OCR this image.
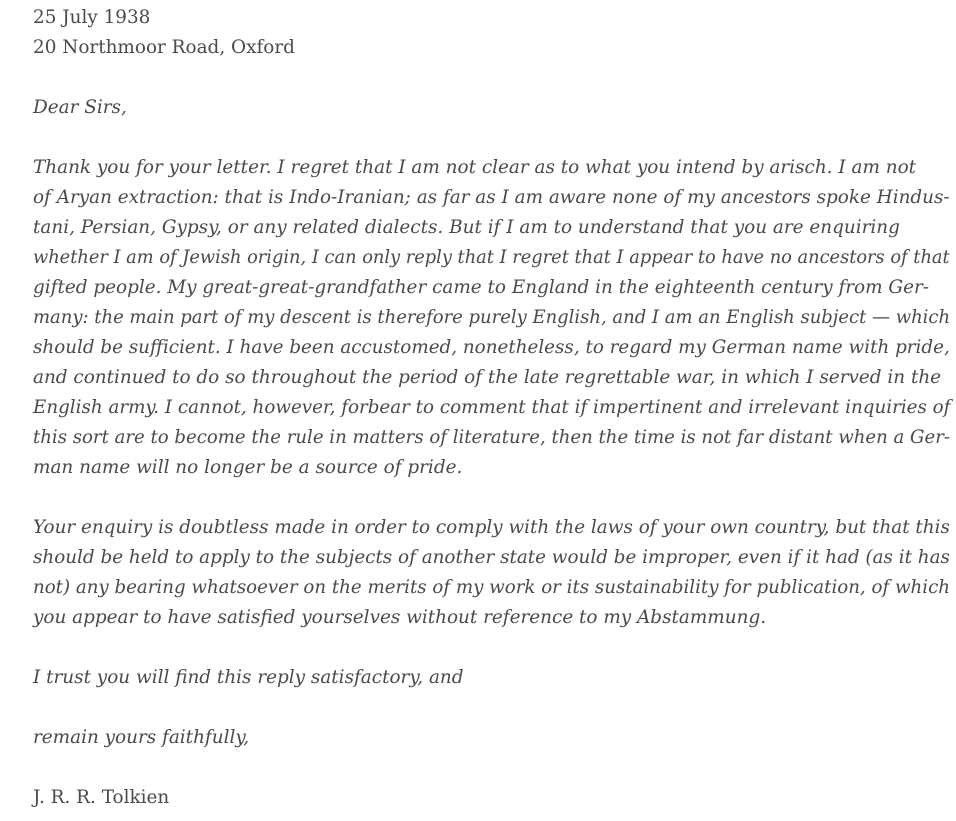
25 July 1938
20 Northmoor Road, Oxford
Dear Sirs,
Thank you for your letter. I regret that I am not clear as to what you intend by arisch. I am not
of Aryan extraction: that is Indo-Iranian; as far as I am aware none of my ancestors spoke Hindus-
tani, Persian, Gypsy, or any related dialects. But if I am to understand that you are enquiring
whether I am of Jewish origin, I can only reply that I regret that I appear to have no ancestors of that
gifted people. My great-great-grandfather came to England in the eighteenth century from Ger-
many: the main part of my descent is therefore purely English, and I am an English subject — which
should be sufficient. I have been accustomed, nonetheless, to regard my German name with pride,
and continued to do so throughout the period of the late regrettable war, in which I served in the
English army. I cannot, however, forbear to comment that if impertinent and irrelevant inquiries of
this sort are to become the rule in matters of literature, then the time is not far distant when a Ger-
man name will no longer be a source of pride.
Your enquiry is doubtless made in order to comply with the laws of your own country, but that this
should be held to apply to the subjects of another state would be improper, even if it had (as it has
not) any bearing whatsoever on the merits of my work or its sustainability for publication, of which
you appear to have satisfied yourselves without reference to my Abstammung.
I trust you will find this reply satisfactory, and
remain yours faithfully,
J. R. R. Tolkien
